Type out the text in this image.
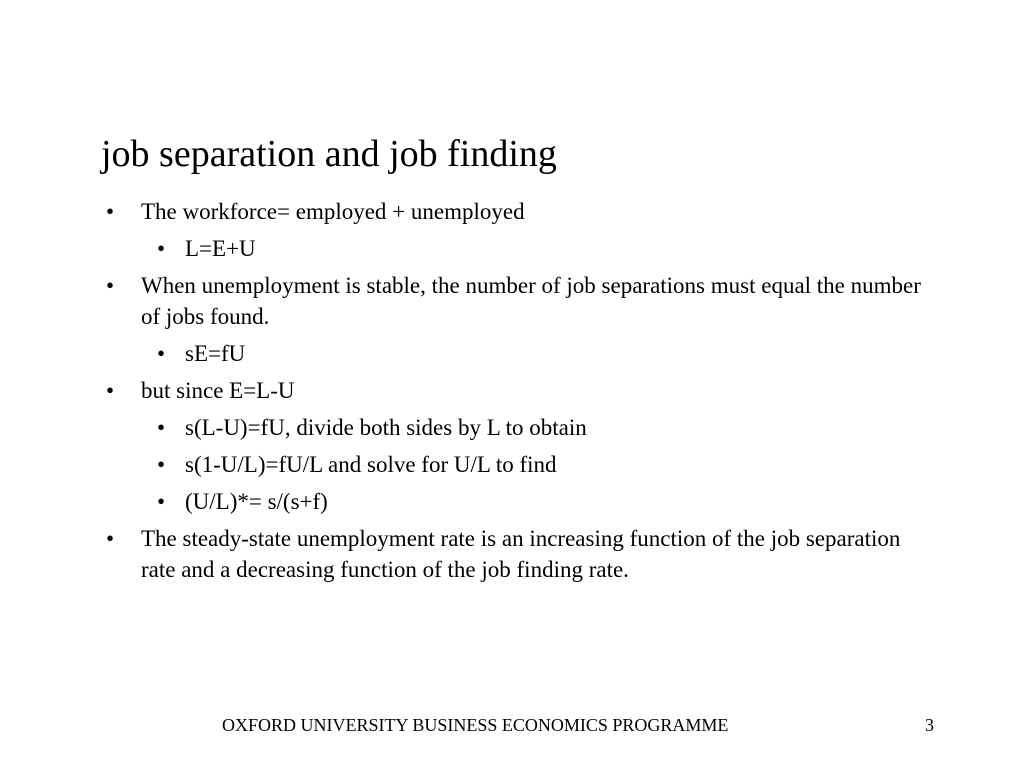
job separation and job finding
• The workforce= employed + unemployed
• L=E+U
• When unemployment is stable, the number of job separations must equal the number of jobs found.
• sE=fU
• but since E=L-U
• s(L-U)=fU, divide both sides by L to obtain
• s(1-U/L)=fU/L and solve for U/L to find
• (U/L)*= s/(s+f)
• The steady-state unemployment rate is an increasing function of the job separation rate and a decreasing function of the job finding rate.
OXFORD UNIVERSITY BUSINESS ECONOMICS PROGRAMME	3
